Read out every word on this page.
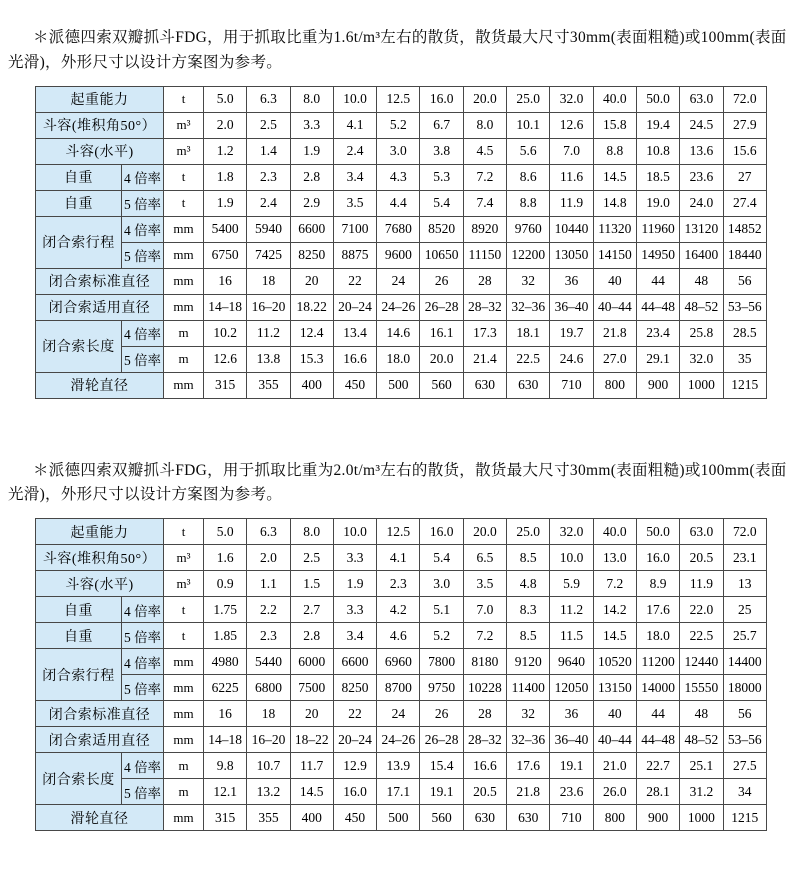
＊派德四索双瓣抓斗FDG，用于抓取比重为1.6t/m³左右的散货，散货最大尺寸30mm(表面粗糙)或100mm(表面光滑)，外形尺寸以设计方案图为参考。

起重能力		t	5.0	6.3	8.0	10.0	12.5	16.0	20.0	25.0	32.0	40.0	50.0	63.0	72.0
斗容(堆积角50°）		m³	2.0	2.5	3.3	4.1	5.2	6.7	8.0	10.1	12.6	15.8	19.4	24.5	27.9
斗容(水平)		m³	1.2	1.4	1.9	2.4	3.0	3.8	4.5	5.6	7.0	8.8	10.8	13.6	15.6
自重	4 倍率	t	1.8	2.3	2.8	3.4	4.3	5.3	7.2	8.6	11.6	14.5	18.5	23.6	27
自重	5 倍率	t	1.9	2.4	2.9	3.5	4.4	5.4	7.4	8.8	11.9	14.8	19.0	24.0	27.4
闭合索行程	4 倍率	mm	5400	5940	6600	7100	7680	8520	8920	9760	10440	11320	11960	13120	14852
	5 倍率	mm	6750	7425	8250	8875	9600	10650	11150	12200	13050	14150	14950	16400	18440
闭合索标准直径		mm	16	18	20	22	24	26	28	32	36	40	44	48	56
闭合索适用直径		mm	14–18	16–20	18.22	20–24	24–26	26–28	28–32	32–36	36–40	40–44	44–48	48–52	53–56
闭合索长度	4 倍率	m	10.2	11.2	12.4	13.4	14.6	16.1	17.3	18.1	19.7	21.8	23.4	25.8	28.5
	5 倍率	m	12.6	13.8	15.3	16.6	18.0	20.0	21.4	22.5	24.6	27.0	29.1	32.0	35
滑轮直径		mm	315	355	400	450	500	560	630	630	710	800	900	1000	1215

＊派德四索双瓣抓斗FDG，用于抓取比重为2.0t/m³左右的散货，散货最大尺寸30mm(表面粗糙)或100mm(表面光滑)，外形尺寸以设计方案图为参考。

起重能力		t	5.0	6.3	8.0	10.0	12.5	16.0	20.0	25.0	32.0	40.0	50.0	63.0	72.0
斗容(堆积角50°）		m³	1.6	2.0	2.5	3.3	4.1	5.4	6.5	8.5	10.0	13.0	16.0	20.5	23.1
斗容(水平)		m³	0.9	1.1	1.5	1.9	2.3	3.0	3.5	4.8	5.9	7.2	8.9	11.9	13
自重	4 倍率	t	1.75	2.2	2.7	3.3	4.2	5.1	7.0	8.3	11.2	14.2	17.6	22.0	25
自重	5 倍率	t	1.85	2.3	2.8	3.4	4.6	5.2	7.2	8.5	11.5	14.5	18.0	22.5	25.7
闭合索行程	4 倍率	mm	4980	5440	6000	6600	6960	7800	8180	9120	9640	10520	11200	12440	14400
	5 倍率	mm	6225	6800	7500	8250	8700	9750	10228	11400	12050	13150	14000	15550	18000
闭合索标准直径		mm	16	18	20	22	24	26	28	32	36	40	44	48	56
闭合索适用直径		mm	14–18	16–20	18–22	20–24	24–26	26–28	28–32	32–36	36–40	40–44	44–48	48–52	53–56
闭合索长度	4 倍率	m	9.8	10.7	11.7	12.9	13.9	15.4	16.6	17.6	19.1	21.0	22.7	25.1	27.5
	5 倍率	m	12.1	13.2	14.5	16.0	17.1	19.1	20.5	21.8	23.6	26.0	28.1	31.2	34
滑轮直径		mm	315	355	400	450	500	560	630	630	710	800	900	1000	1215
